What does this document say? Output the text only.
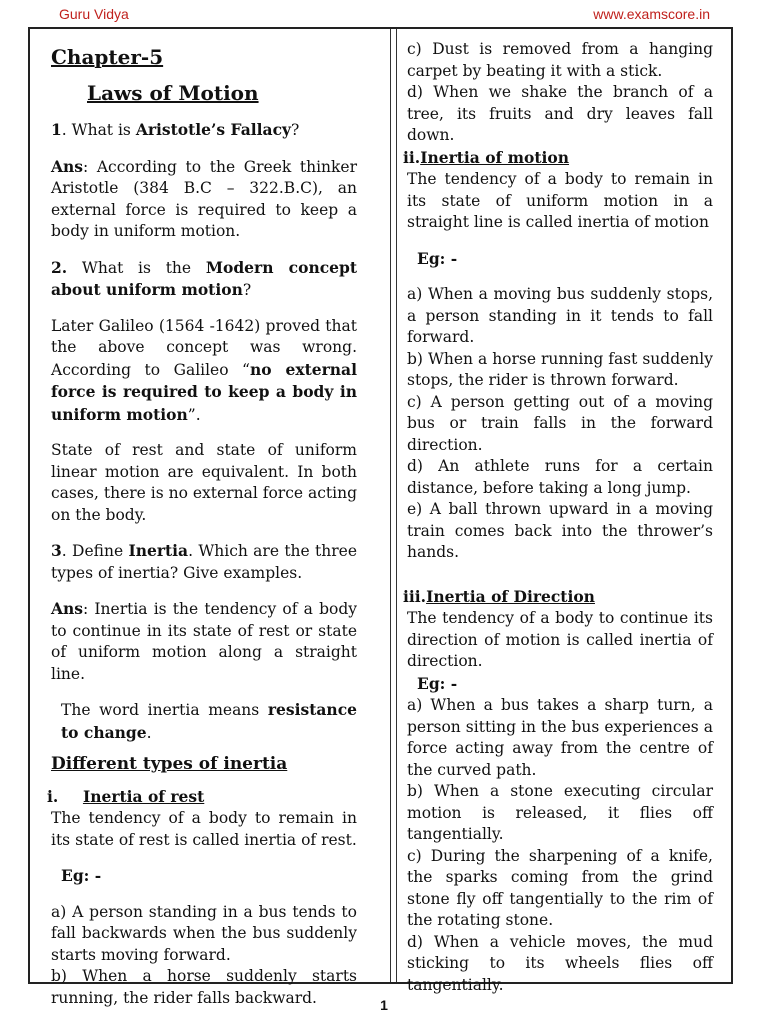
Guru Vidya	www.examscore.in

Chapter-5

Laws of Motion

1. What is Aristotle’s Fallacy?

Ans: According to the Greek thinker Aristotle (384 B.C – 322.B.C), an external force is required to keep a body in uniform motion.

2. What is the Modern concept about uniform motion?

Later Galileo (1564 -1642) proved that the above concept was wrong. According to Galileo “no external force is required to keep a body in uniform motion”.

State of rest and state of uniform linear motion are equivalent. In both cases, there is no external force acting on the body.

3. Define Inertia. Which are the three types of inertia? Give examples.

Ans: Inertia is the tendency of a body to continue in its state of rest or state of uniform motion along a straight line.

The word inertia means resistance to change.

Different types of inertia

i. Inertia of rest

The tendency of a body to remain in its state of rest is called inertia of rest.

Eg: -

a) A person standing in a bus tends to fall backwards when the bus suddenly starts moving forward.

b) When a horse suddenly starts running, the rider falls backward.

c) Dust is removed from a hanging carpet by beating it with a stick.

d) When we shake the branch of a tree, its fruits and dry leaves fall down.

ii.Inertia of motion

The tendency of a body to remain in its state of uniform motion in a straight line is called inertia of motion

Eg: -

a) When a moving bus suddenly stops, a person standing in it tends to fall forward.

b) When a horse running fast suddenly stops, the rider is thrown forward.

c) A person getting out of a moving bus or train falls in the forward direction.

d) An athlete runs for a certain distance, before taking a long jump.

e) A ball thrown upward in a moving train comes back into the thrower’s hands.

iii.Inertia of Direction

The tendency of a body to continue its direction of motion is called inertia of direction.

Eg: -

a) When a bus takes a sharp turn, a person sitting in the bus experiences a force acting away from the centre of the curved path.

b) When a stone executing circular motion is released, it flies off tangentially.

c) During the sharpening of a knife, the sparks coming from the grind stone fly off tangentially to the rim of the rotating stone.

d) When a vehicle moves, the mud sticking to its wheels flies off tangentially.

1
